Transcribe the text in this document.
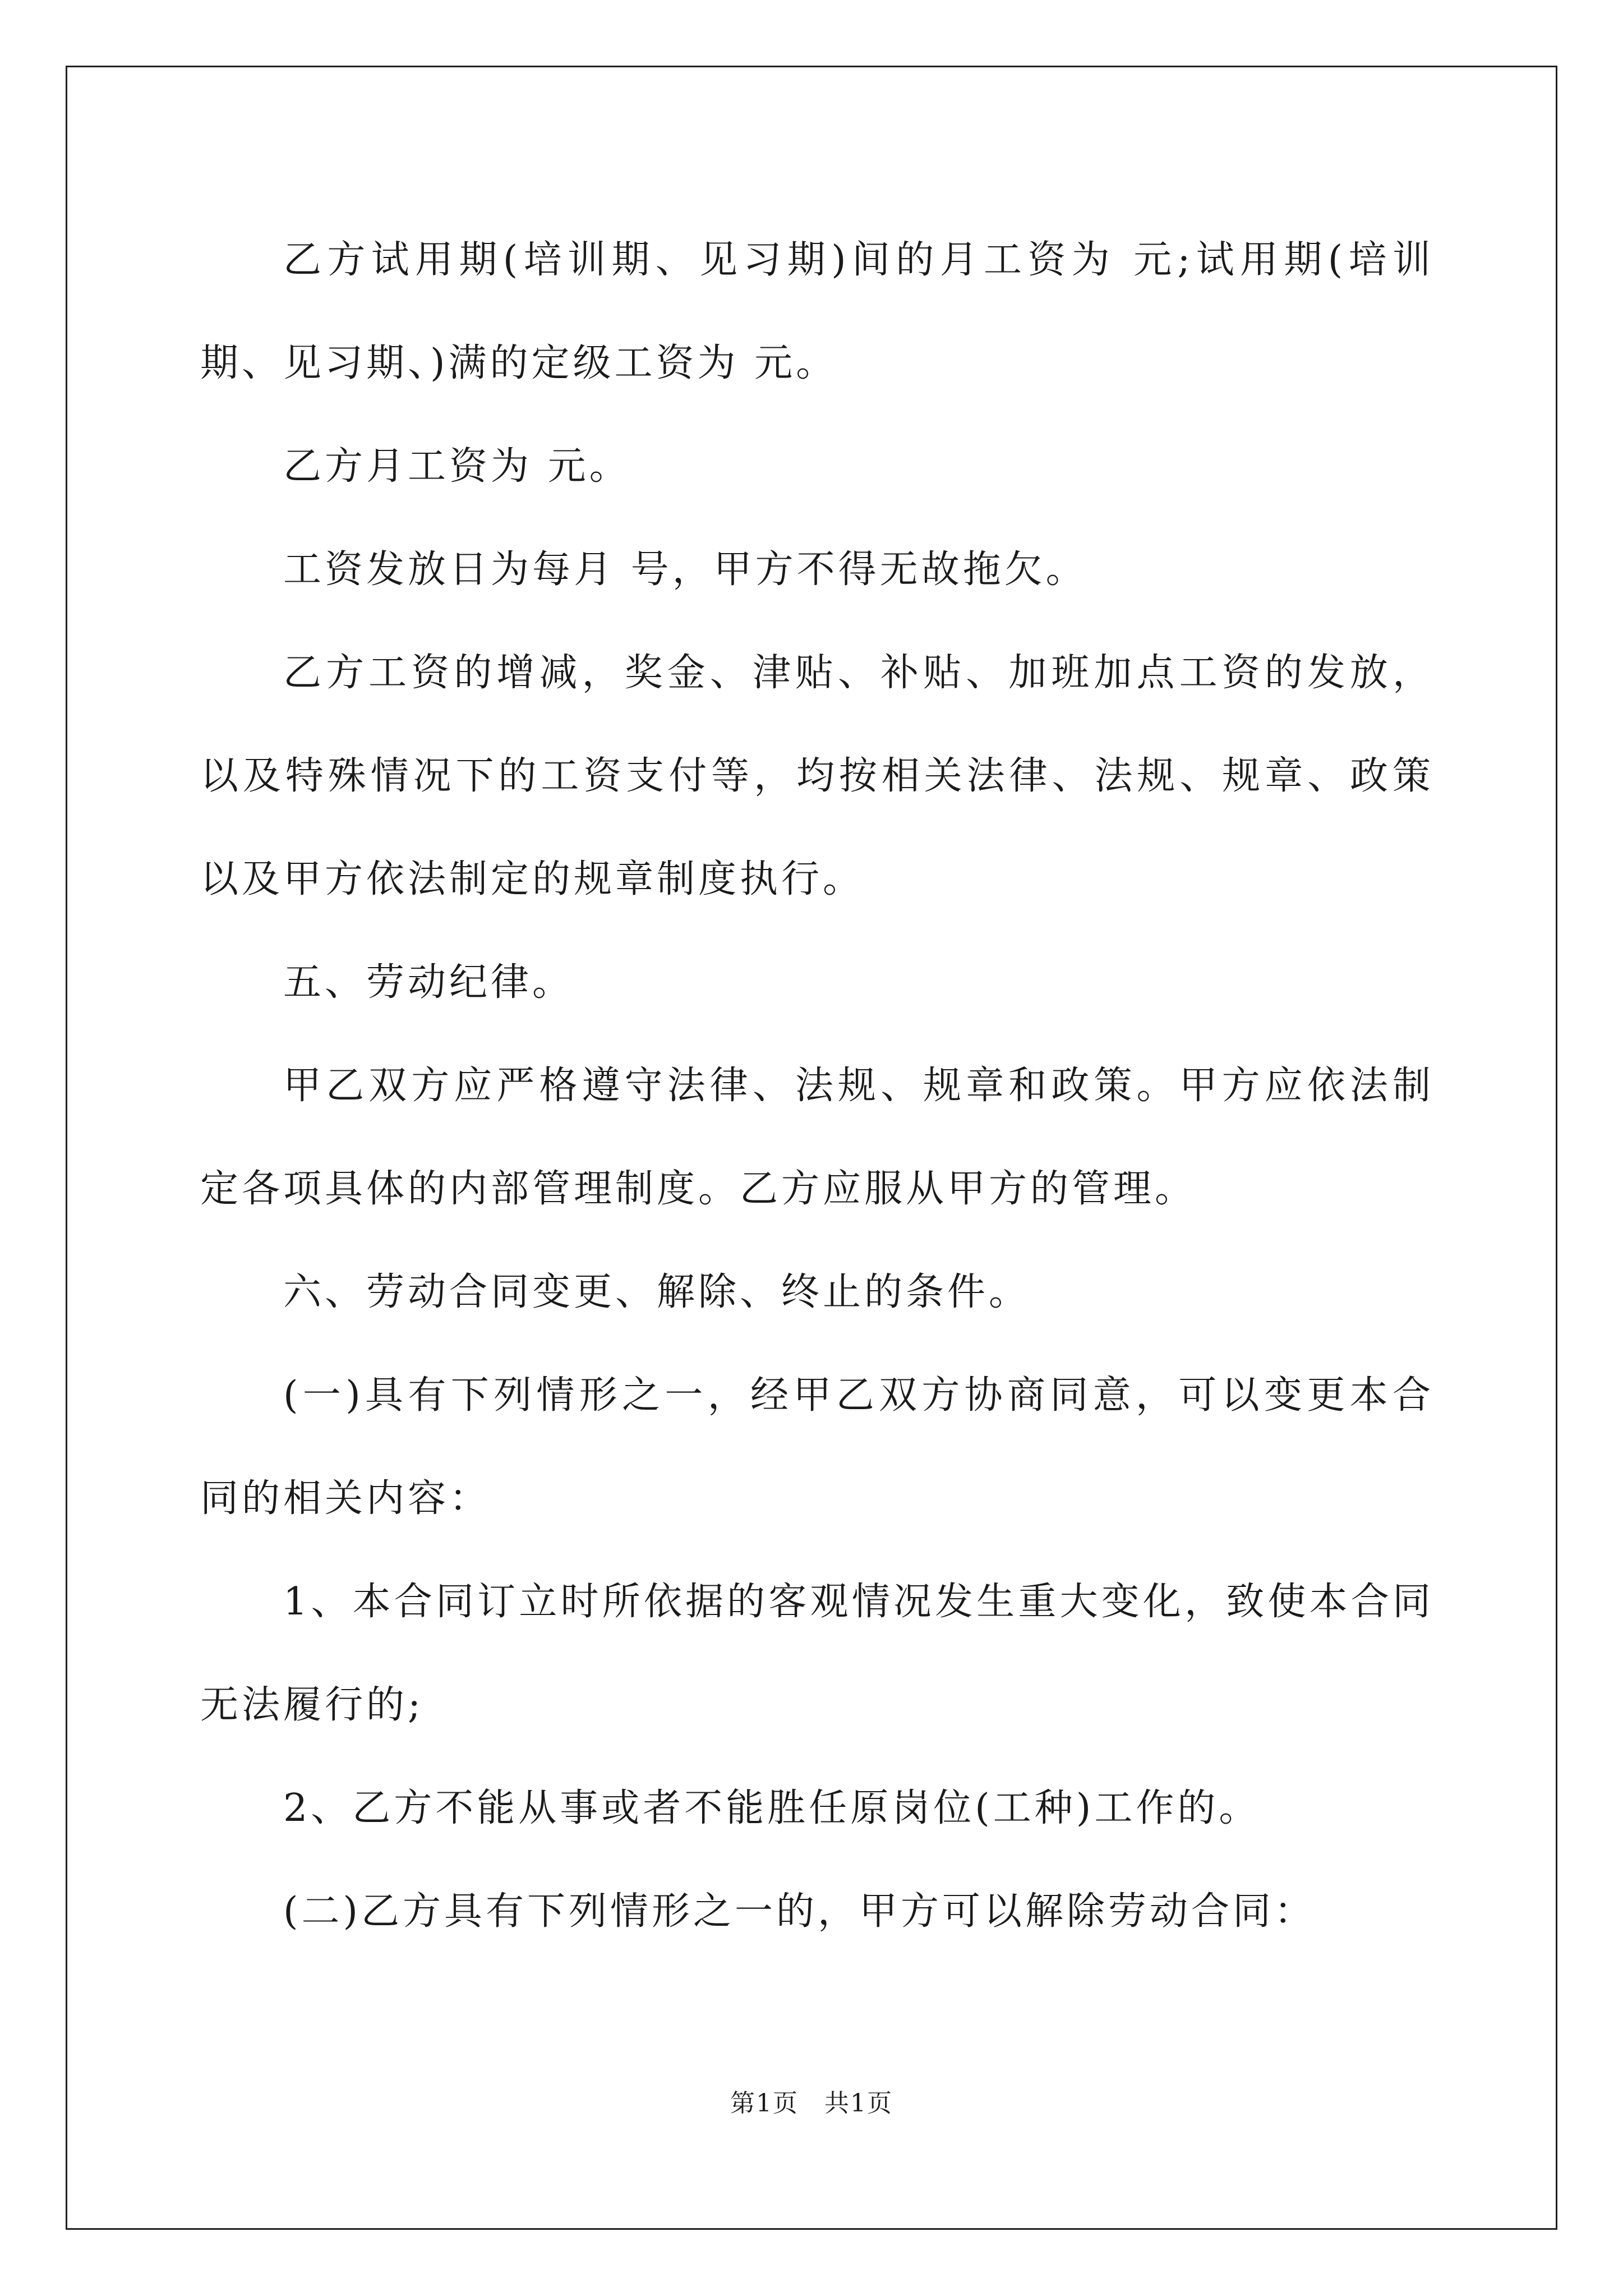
乙方试用期(培训期、见习期)间的月工资为 元;试用期(培训期、见习期、)满的定级工资为 元。

乙方月工资为 元。

工资发放日为每月 号，甲方不得无故拖欠。

乙方工资的增减，奖金、津贴、补贴、加班加点工资的发放，以及特殊情况下的工资支付等，均按相关法律、法规、规章、政策以及甲方依法制定的规章制度执行。

五、劳动纪律。

甲乙双方应严格遵守法律、法规、规章和政策。甲方应依法制定各项具体的内部管理制度。乙方应服从甲方的管理。

六、劳动合同变更、解除、终止的条件。

(一)具有下列情形之一，经甲乙双方协商同意，可以变更本合同的相关内容：

1、本合同订立时所依据的客观情况发生重大变化，致使本合同无法履行的;

2、乙方不能从事或者不能胜任原岗位(工种)工作的。

(二)乙方具有下列情形之一的，甲方可以解除劳动合同：

第1页　共1页
